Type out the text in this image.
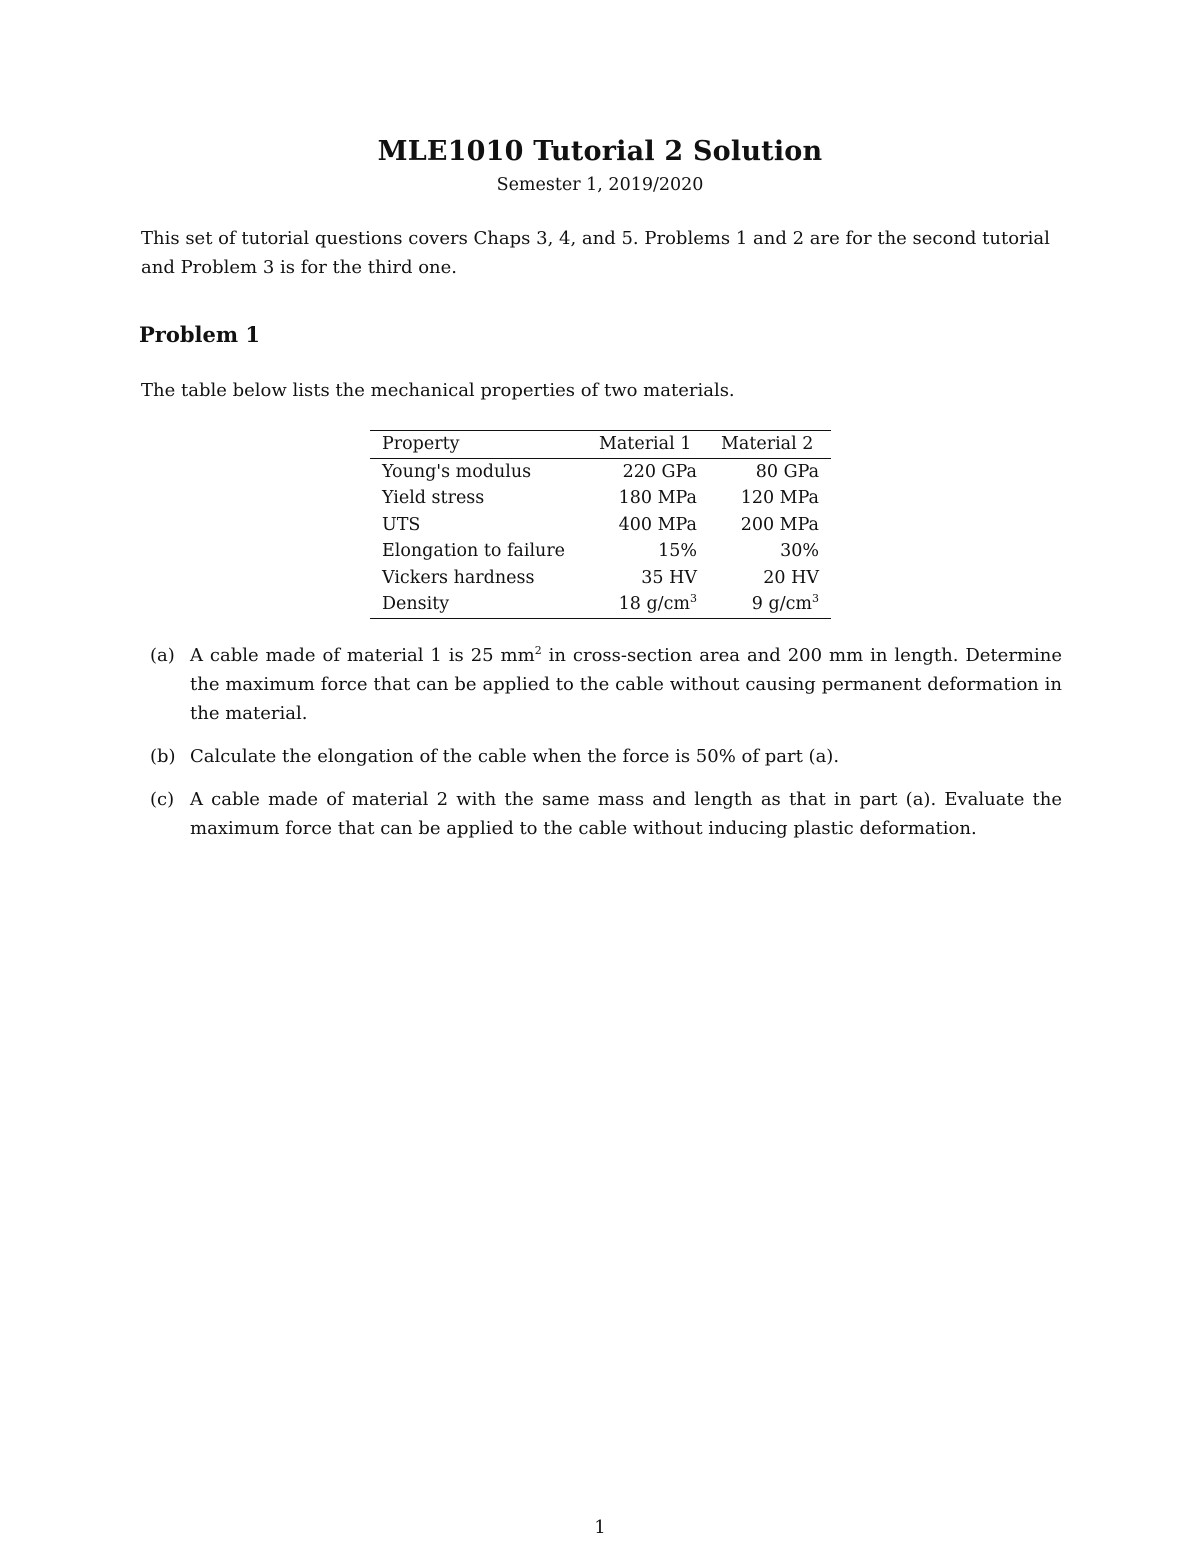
MLE1010 Tutorial 2 Solution
Semester 1, 2019/2020
This set of tutorial questions covers Chaps 3, 4, and 5. Problems 1 and 2 are for the second tutorial and Problem 3 is for the third one.
Problem 1
The table below lists the mechanical properties of two materials.
Property	Material 1	Material 2
Young's modulus	220 GPa	80 GPa
Yield stress	180 MPa	120 MPa
UTS	400 MPa	200 MPa
Elongation to failure	15%	30%
Vickers hardness	35 HV	20 HV
Density	18 $g/cm^3$	9 $g/cm^3$
(a) A cable made of material 1 is 25 $mm^2$ in cross-section area and 200 mm in length. Determine the maximum force that can be applied to the cable without causing permanent deformation in the material.
(b) Calculate the elongation of the cable when the force is 50% of part (a).
(c) A cable made of material 2 with the same mass and length as that in part (a). Evaluate the maximum force that can be applied to the cable without inducing plastic deformation.
1
